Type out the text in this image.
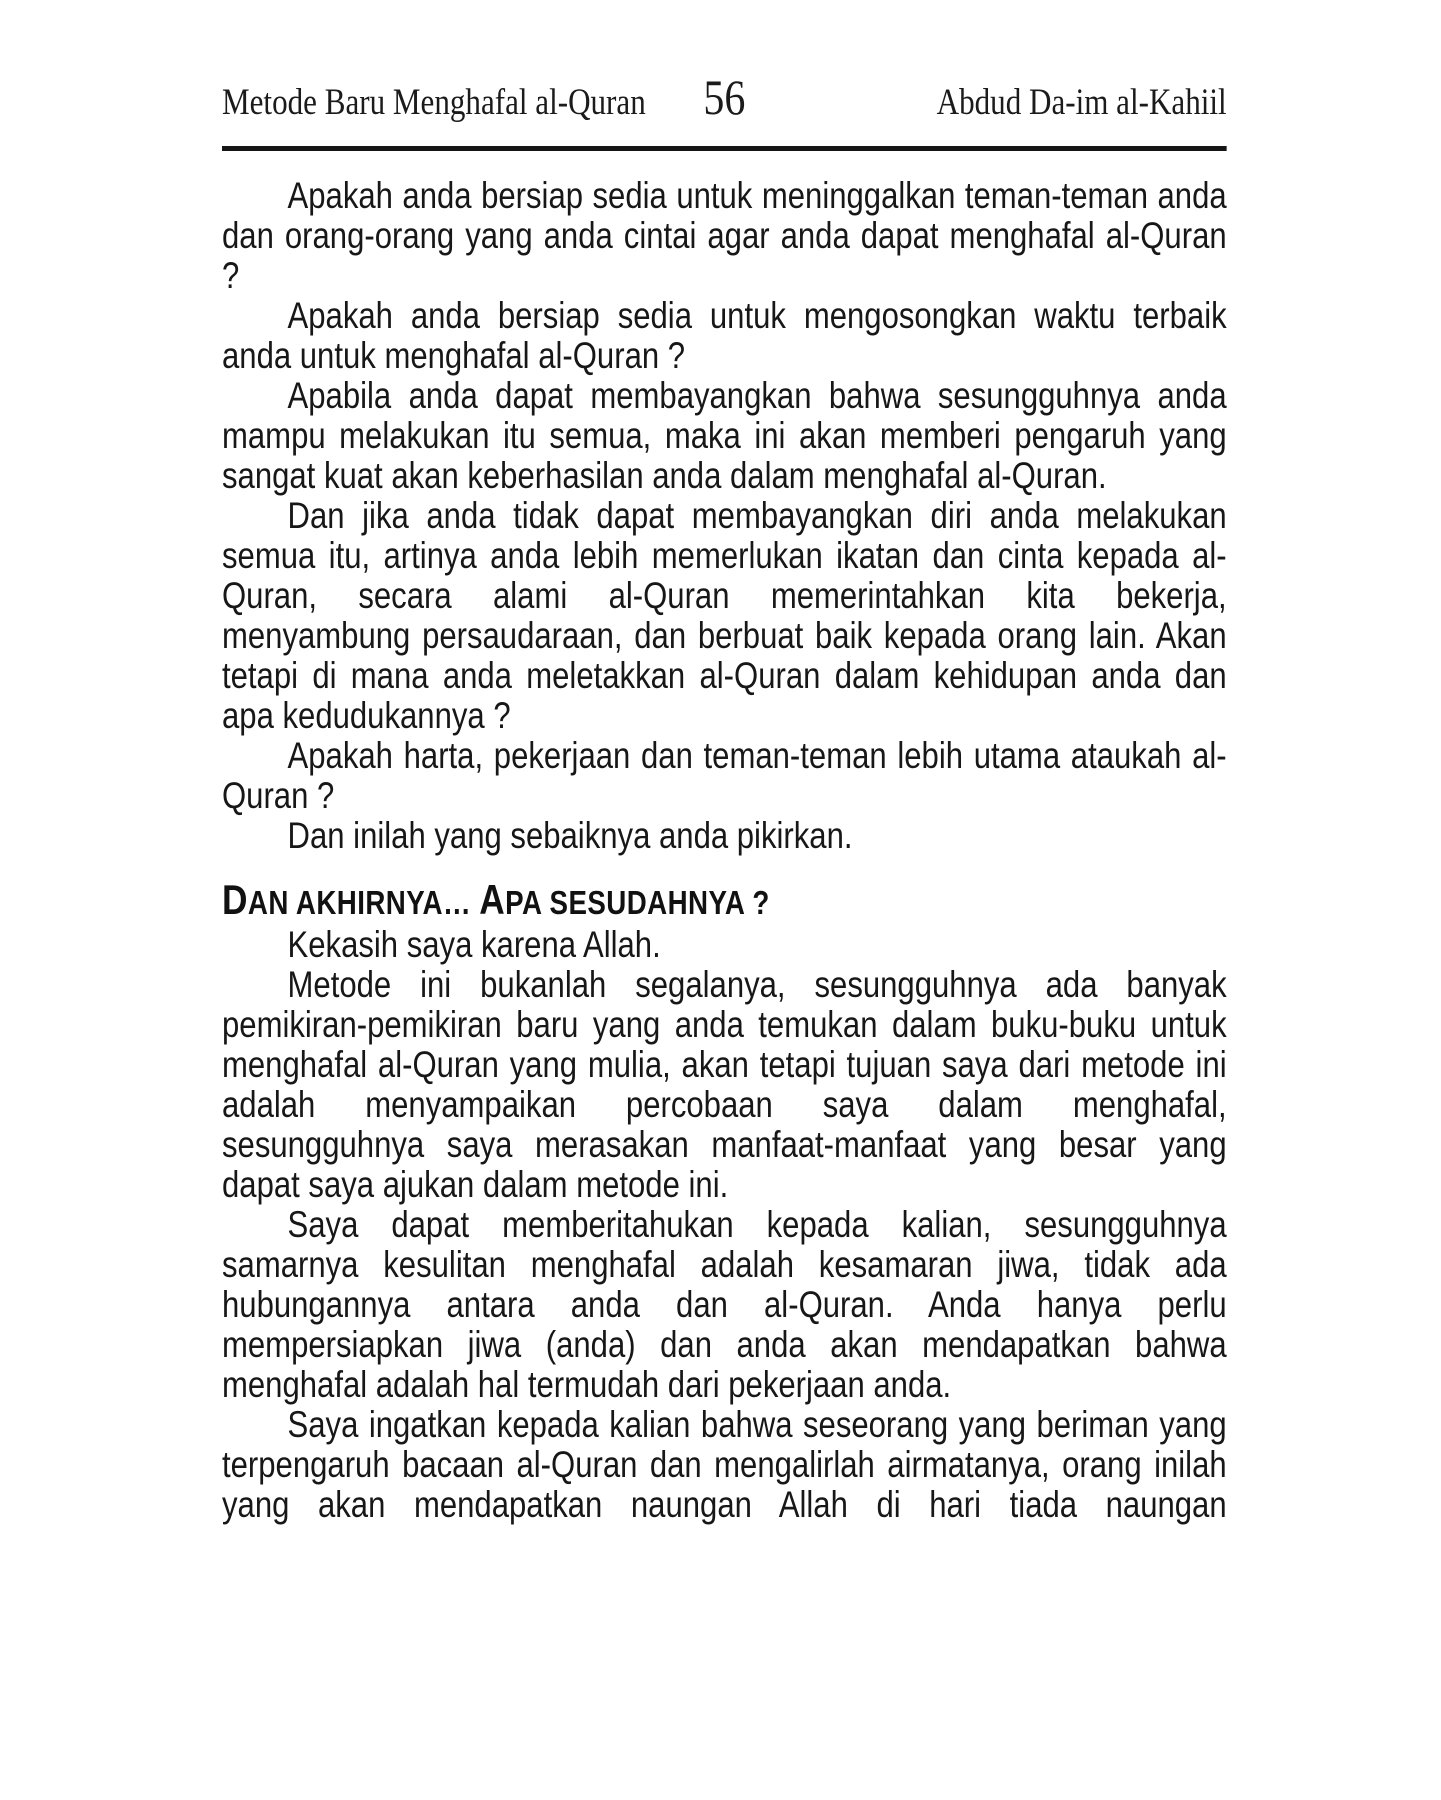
Metode Baru Menghafal al-Quran 56	Abdud Da-im al-Kahiil

Apakah anda bersiap sedia untuk meninggalkan teman-teman anda dan orang-orang yang anda cintai agar anda dapat menghafal al-Quran ?

Apakah anda bersiap sedia untuk mengosongkan waktu terbaik anda untuk menghafal al-Quran ?

Apabila anda dapat membayangkan bahwa sesungguhnya anda mampu melakukan itu semua, maka ini akan memberi pengaruh yang sangat kuat akan keberhasilan anda dalam menghafal al-Quran.

Dan jika anda tidak dapat membayangkan diri anda melakukan semua itu, artinya anda lebih memerlukan ikatan dan cinta kepada al-Quran, secara alami al-Quran memerintahkan kita bekerja, menyambung persaudaraan, dan berbuat baik kepada orang lain. Akan tetapi di mana anda meletakkan al-Quran dalam kehidupan anda dan apa kedudukannya ?

Apakah harta, pekerjaan dan teman-teman lebih utama ataukah al-Quran ?

Dan inilah yang sebaiknya anda pikirkan.

DAN AKHIRNYA… APA SESUDAHNYA ?

Kekasih saya karena Allah.

Metode ini bukanlah segalanya, sesungguhnya ada banyak pemikiran-pemikiran baru yang anda temukan dalam buku-buku untuk menghafal al-Quran yang mulia, akan tetapi tujuan saya dari metode ini adalah menyampaikan percobaan saya dalam menghafal, sesungguhnya saya merasakan manfaat-manfaat yang besar yang dapat saya ajukan dalam metode ini.

Saya dapat memberitahukan kepada kalian, sesungguhnya samarnya kesulitan menghafal adalah kesamaran jiwa, tidak ada hubungannya antara anda dan al-Quran. Anda hanya perlu mempersiapkan jiwa (anda) dan anda akan mendapatkan bahwa menghafal adalah hal termudah dari pekerjaan anda.

Saya ingatkan kepada kalian bahwa seseorang yang beriman yang terpengaruh bacaan al-Quran dan mengalirlah airmatanya, orang inilah yang akan mendapatkan naungan Allah di hari tiada naungan
